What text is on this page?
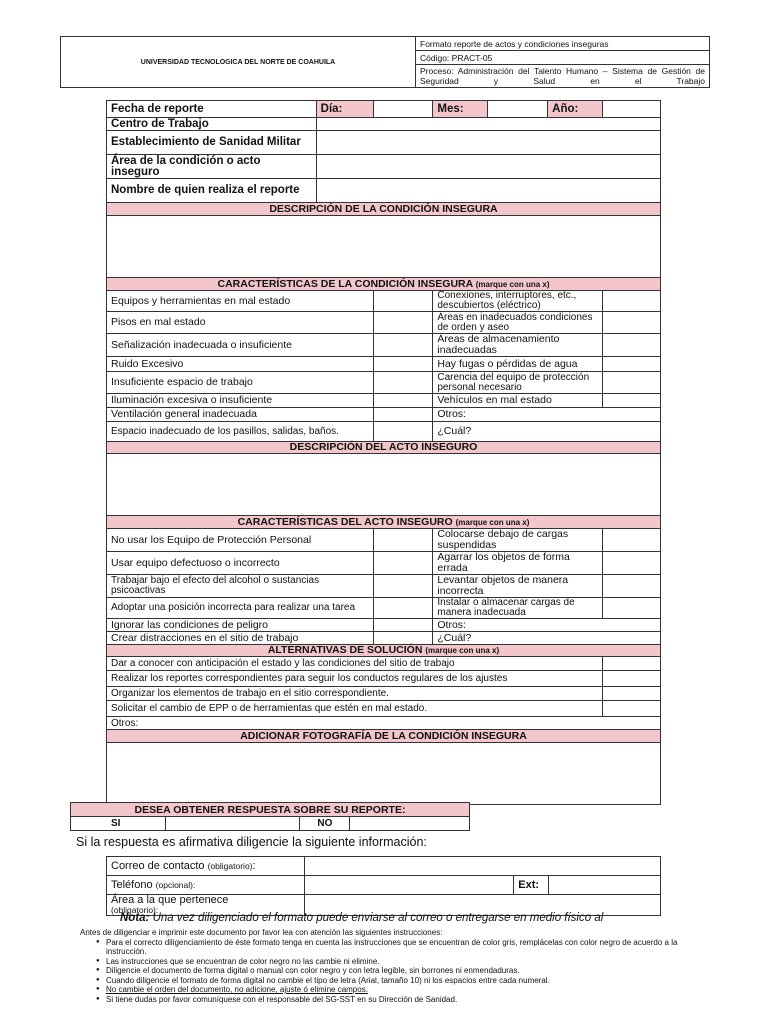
UNIVERSIDAD TECNOLOGICA DEL NORTE DE COAHUILA	Formato reporte de actos y condiciones inseguras
Código: PRACT-05
Proceso: Administración del Talento Humano – Sistema de Gestión de Seguridad y Salud en el Trabajo
Fecha de reporte	Día:		Mes:		Año:	
Centro de Trabajo						
Establecimiento de Sanidad Militar						
Área de la condición o acto inseguro						
Nombre de quien realiza el reporte						
DESCRIPCIÓN DE LA CONDICIÓN INSEGURA						

CARACTERÍSTICAS DE LA CONDICIÓN INSEGURA (marque con una x)						
Equipos y herramientas en mal estado			Conexiones, interruptores, etc., descubiertos (eléctrico)			
Pisos en mal estado			Áreas en inadecuados condiciones de orden y aseo			
Señalización inadecuada o insuficiente			Áreas de almacenamiento inadecuadas			
Ruido Excesivo			Hay fugas o pérdidas de agua			
Insuficiente espacio de trabajo			Carencia del equipo de protección personal necesario			
Iluminación excesiva o insuficiente			Vehículos en mal estado			
Ventilación general inadecuada			Otros:			
Espacio inadecuado de los pasillos, salidas, baños.			¿Cuál?			
DESCRIPCIÓN DEL ACTO INSEGURO						

CARACTERÍSTICAS DEL ACTO INSEGURO (marque con una x)						
No usar los Equipo de Protección Personal			Colocarse debajo de cargas suspendidas			
Usar equipo defectuoso o incorrecto			Agarrar los objetos de forma errada			
Trabajar bajo el efecto del alcohol o sustancias psicoactivas			Levantar objetos de manera incorrecta			
Adoptar una posición incorrecta para realizar una tarea			Instalar o almacenar cargas de manera inadecuada			
Ignorar las condiciones de peligro			Otros:			
Crear distracciones en el sitio de trabajo			¿Cuál?			
ALTERNATIVAS DE SOLUCIÓN (marque con una x)						
Dar a conocer con anticipación el estado y las condiciones del sitio de trabajo						
Realizar los reportes correspondientes para seguir los conductos regulares de los ajustes						
Organizar los elementos de trabajo en el sitio correspondiente.						
Solicitar el cambio de EPP o de herramientas que estén en mal estado.						
Otros:						
ADICIONAR FOTOGRAFÍA DE LA CONDICIÓN INSEGURA						

DESEA OBTENER RESPUESTA SOBRE SU REPORTE:
SI		NO	
Si la respuesta es afirmativa diligencie la siguiente información:
Correo de contacto (obligatorio):			
Teléfono (opcional):		Ext:	
Área a la que pertenece
(obligatorio):			
Nota: Una vez diligenciado el formato puede enviarse al correo o entregarse en medio físico al
Antes de diligenciar e imprimir este documento por favor lea con atención las siguientes instrucciones:
● Para el correcto diligenciamiento de éste formato tenga en cuenta las instrucciones que se encuentran de color gris, remplácelas con color negro de acuerdo a la instrucción.
● Las instrucciones que se encuentran de color negro no las cambie ni elimine.
● Diligencie el documento de forma digital o manual con color negro y con letra legible, sin borrones ni enmendaduras.
● Cuando diligencie el formato de forma digital no cambie el tipo de letra (Arial, tamaño 10) ni los espacios entre cada numeral.
● No cambie el orden del documento, no adicione, ajuste ó elimine campos.
● Si tiene dudas por favor comuníquese con el responsable del SG-SST en su Dirección de Sanidad.
